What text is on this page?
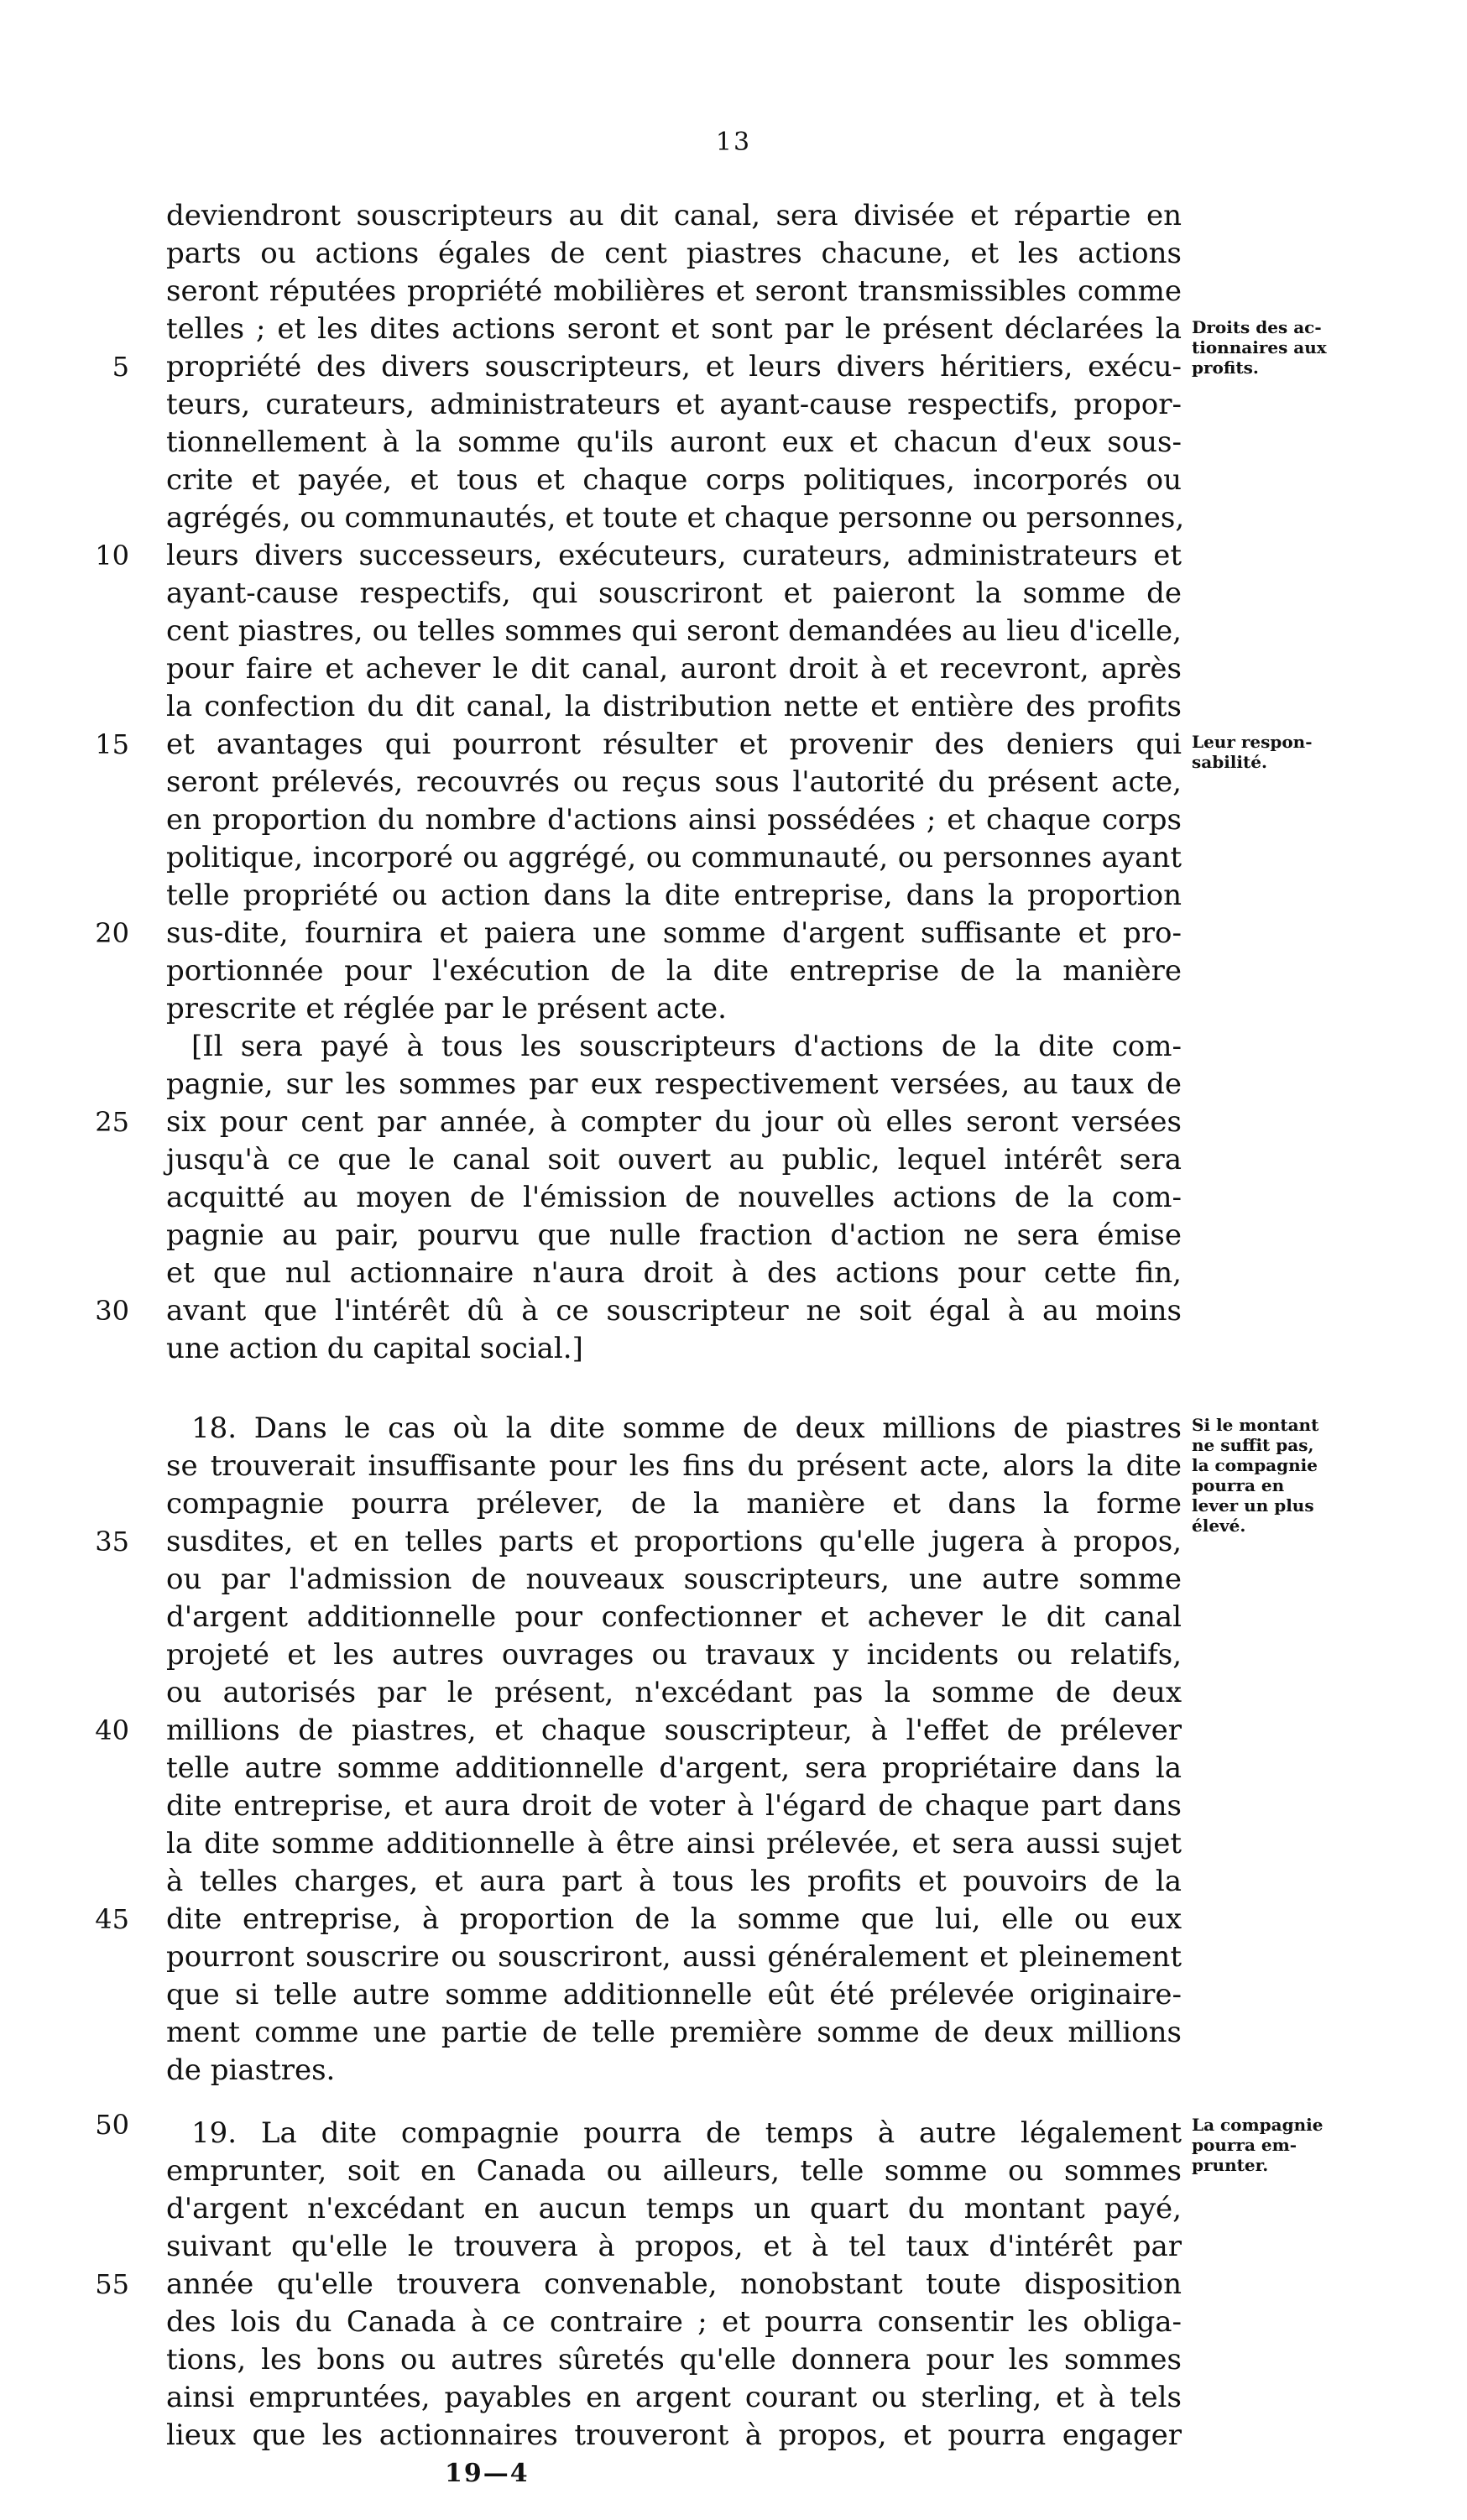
13
deviendront souscripteurs au dit canal, sera divisée et répartie en
parts ou actions égales de cent piastres chacune, et les actions
seront réputées propriété mobilières et seront transmissibles comme
telles ; et les dites actions seront et sont par le présent déclarées la
propriété des divers souscripteurs, et leurs divers héritiers, exécu-
teurs, curateurs, administrateurs et ayant-cause respectifs, propor-
tionnellement à la somme qu'ils auront eux et chacun d'eux sous-
crite et payée, et tous et chaque corps politiques, incorporés ou
agrégés, ou communautés, et toute et chaque personne ou personnes,
leurs divers successeurs, exécuteurs, curateurs, administrateurs et
ayant-cause respectifs, qui souscriront et paieront la somme de
cent piastres, ou telles sommes qui seront demandées au lieu d'icelle,
pour faire et achever le dit canal, auront droit à et recevront, après
la confection du dit canal, la distribution nette et entière des profits
et avantages qui pourront résulter et provenir des deniers qui
seront prélevés, recouvrés ou reçus sous l'autorité du présent acte,
en proportion du nombre d'actions ainsi possédées ; et chaque corps
politique, incorporé ou aggrégé, ou communauté, ou personnes ayant
telle propriété ou action dans la dite entreprise, dans la proportion
sus-dite, fournira et paiera une somme d'argent suffisante et pro-
portionnée pour l'exécution de la dite entreprise de la manière
prescrite et réglée par le présent acte.
[Il sera payé à tous les souscripteurs d'actions de la dite com-
pagnie, sur les sommes par eux respectivement versées, au taux de
six pour cent par année, à compter du jour où elles seront versées
jusqu'à ce que le canal soit ouvert au public, lequel intérêt sera
acquitté au moyen de l'émission de nouvelles actions de la com-
pagnie au pair, pourvu que nulle fraction d'action ne sera émise
et que nul actionnaire n'aura droit à des actions pour cette fin,
avant que l'intérêt dû à ce souscripteur ne soit égal à au moins
une action du capital social.]
18. Dans le cas où la dite somme de deux millions de piastres
se trouverait insuffisante pour les fins du présent acte, alors la dite
compagnie pourra prélever, de la manière et dans la forme
susdites, et en telles parts et proportions qu'elle jugera à propos,
ou par l'admission de nouveaux souscripteurs, une autre somme
d'argent additionnelle pour confectionner et achever le dit canal
projeté et les autres ouvrages ou travaux y incidents ou relatifs,
ou autorisés par le présent, n'excédant pas la somme de deux
millions de piastres, et chaque souscripteur, à l'effet de prélever
telle autre somme additionnelle d'argent, sera propriétaire dans la
dite entreprise, et aura droit de voter à l'égard de chaque part dans
la dite somme additionnelle à être ainsi prélevée, et sera aussi sujet
à telles charges, et aura part à tous les profits et pouvoirs de la
dite entreprise, à proportion de la somme que lui, elle ou eux
pourront souscrire ou souscriront, aussi généralement et pleinement
que si telle autre somme additionnelle eût été prélevée originaire-
ment comme une partie de telle première somme de deux millions
de piastres.
19. La dite compagnie pourra de temps à autre légalement
emprunter, soit en Canada ou ailleurs, telle somme ou sommes
d'argent n'excédant en aucun temps un quart du montant payé,
suivant qu'elle le trouvera à propos, et à tel taux d'intérêt par
année qu'elle trouvera convenable, nonobstant toute disposition
des lois du Canada à ce contraire ; et pourra consentir les obliga-
tions, les bons ou autres sûretés qu'elle donnera pour les sommes
ainsi empruntées, payables en argent courant ou sterling, et à tels
lieux que les actionnaires trouveront à propos, et pourra engager
5
10
15
20
25
30
35
40
45
50
55
Droits des ac-
tionnaires aux
profits.
Leur respon-
sabilité.
Si le montant
ne suffit pas,
la compagnie
pourra en
lever un plus
élevé.
La compagnie
pourra em-
prunter.
19—4
